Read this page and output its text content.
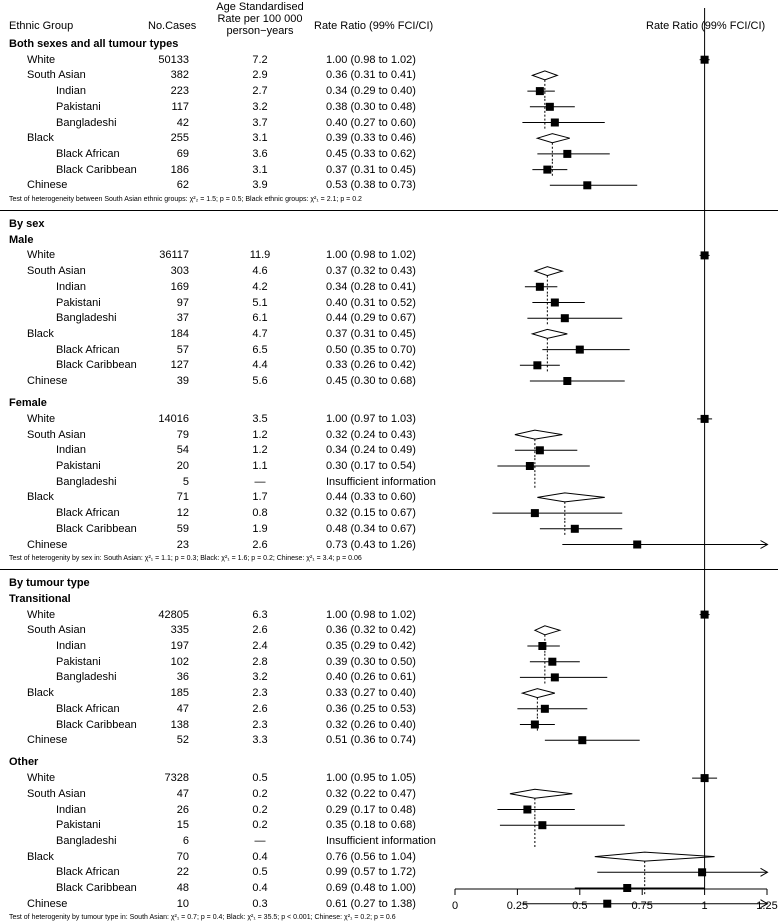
Ethnic Group	No.Cases
Age Standardised
Rate per 100 000
person−years	Rate Ratio (99% FCI/CI)	Rate Ratio (99% FCI/CI)
Both sexes and all tumour types
White	50133	7.2	1.00 (0.98 to 1.02)
South Asian	382	2.9	0.36 (0.31 to 0.41)
Indian	223	2.7	0.34 (0.29 to 0.40)
Pakistani	117	3.2	0.38 (0.30 to 0.48)
Bangladeshi	42	3.7	0.40 (0.27 to 0.60)
Black	255	3.1	0.39 (0.33 to 0.46)
Black African	69	3.6	0.45 (0.33 to 0.62)
Black Caribbean	186	3.1	0.37 (0.31 to 0.45)
Chinese	62	3.9	0.53 (0.38 to 0.73)
Test of heterogeneity between South Asian ethnic groups: χ²₂ = 1.5; p = 0.5; Black ethnic groups: χ²₁ = 2.1; p = 0.2
By sex
Male
White	36117	11.9	1.00 (0.98 to 1.02)
South Asian	303	4.6	0.37 (0.32 to 0.43)
Indian	169	4.2	0.34 (0.28 to 0.41)
Pakistani	97	5.1	0.40 (0.31 to 0.52)
Bangladeshi	37	6.1	0.44 (0.29 to 0.67)
Black	184	4.7	0.37 (0.31 to 0.45)
Black African	57	6.5	0.50 (0.35 to 0.70)
Black Caribbean	127	4.4	0.33 (0.26 to 0.42)
Chinese	39	5.6	0.45 (0.30 to 0.68)
Female
White	14016	3.5	1.00 (0.97 to 1.03)
South Asian	79	1.2	0.32 (0.24 to 0.43)
Indian	54	1.2	0.34 (0.24 to 0.49)
Pakistani	20	1.1	0.30 (0.17 to 0.54)
Bangladeshi	5	—	Insufficient information
Black	71	1.7	0.44 (0.33 to 0.60)
Black African	12	0.8	0.32 (0.15 to 0.67)
Black Caribbean	59	1.9	0.48 (0.34 to 0.67)
Chinese	23	2.6	0.73 (0.43 to 1.26)
Test of heterogenity by sex in: South Asian: χ²₁ = 1.1; p = 0.3; Black: χ²₁ = 1.6; p = 0.2; Chinese: χ²₁ = 3.4; p = 0.06
By tumour type
Transitional
White	42805	6.3	1.00 (0.98 to 1.02)
South Asian	335	2.6	0.36 (0.32 to 0.42)
Indian	197	2.4	0.35 (0.29 to 0.42)
Pakistani	102	2.8	0.39 (0.30 to 0.50)
Bangladeshi	36	3.2	0.40 (0.26 to 0.61)
Black	185	2.3	0.33 (0.27 to 0.40)
Black African	47	2.6	0.36 (0.25 to 0.53)
Black Caribbean	138	2.3	0.32 (0.26 to 0.40)
Chinese	52	3.3	0.51 (0.36 to 0.74)
Other
White	7328	0.5	1.00 (0.95 to 1.05)
South Asian	47	0.2	0.32 (0.22 to 0.47)
Indian	26	0.2	0.29 (0.17 to 0.48)
Pakistani	15	0.2	0.35 (0.18 to 0.68)
Bangladeshi	6	—	Insufficient information
Black	70	0.4	0.76 (0.56 to 1.04)
Black African	22	0.5	0.99 (0.57 to 1.72)
Black Caribbean	48	0.4	0.69 (0.48 to 1.00)
Chinese	10	0.3	0.61 (0.27 to 1.38)
Test of heterogenity by tumour type in: South Asian: χ²₁ = 0.7; p = 0.4; Black: χ²₁ = 35.5; p < 0.001; Chinese: χ²₁ = 0.2; p = 0.6
0	0.25	0.5	0.75	1	1.25
